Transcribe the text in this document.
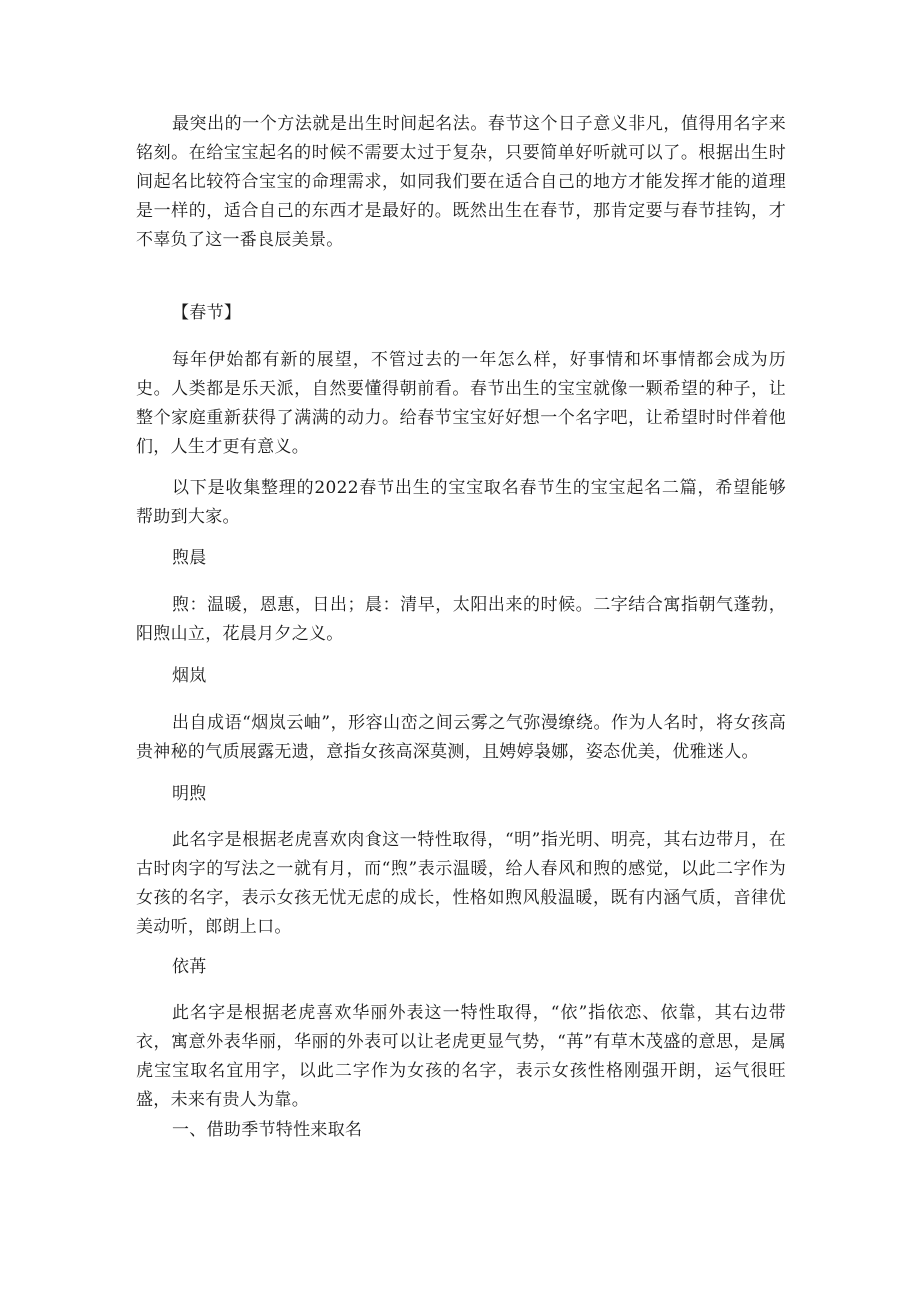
最突出的一个方法就是出生时间起名法。春节这个日子意义非凡，值得用名字来铭刻。在给宝宝起名的时候不需要太过于复杂，只要简单好听就可以了。根据出生时间起名比较符合宝宝的命理需求，如同我们要在适合自己的地方才能发挥才能的道理是一样的，适合自己的东西才是最好的。既然出生在春节，那肯定要与春节挂钩，才不辜负了这一番良辰美景。

【春节】

每年伊始都有新的展望，不管过去的一年怎么样，好事情和坏事情都会成为历史。人类都是乐天派，自然要懂得朝前看。春节出生的宝宝就像一颗希望的种子，让整个家庭重新获得了满满的动力。给春节宝宝好好想一个名字吧，让希望时时伴着他们，人生才更有意义。

以下是收集整理的2022春节出生的宝宝取名春节生的宝宝起名二篇，希望能够帮助到大家。

煦晨

煦：温暖，恩惠，日出；晨：清早，太阳出来的时候。二字结合寓指朝气蓬勃，阳煦山立，花晨月夕之义。

烟岚

出自成语“烟岚云岫”，形容山峦之间云雾之气弥漫缭绕。作为人名时，将女孩高贵神秘的气质展露无遗，意指女孩高深莫测，且娉婷袅娜，姿态优美，优雅迷人。

明煦

此名字是根据老虎喜欢肉食这一特性取得，“明”指光明、明亮，其右边带月，在古时肉字的写法之一就有月，而“煦”表示温暖，给人春风和煦的感觉，以此二字作为女孩的名字，表示女孩无忧无虑的成长，性格如煦风般温暖，既有内涵气质，音律优美动听，郎朗上口。

依苒

此名字是根据老虎喜欢华丽外表这一特性取得，“依”指依恋、依靠，其右边带衣，寓意外表华丽，华丽的外表可以让老虎更显气势，“苒”有草木茂盛的意思，是属虎宝宝取名宜用字，以此二字作为女孩的名字，表示女孩性格刚强开朗，运气很旺盛，未来有贵人为靠。

一、借助季节特性来取名
